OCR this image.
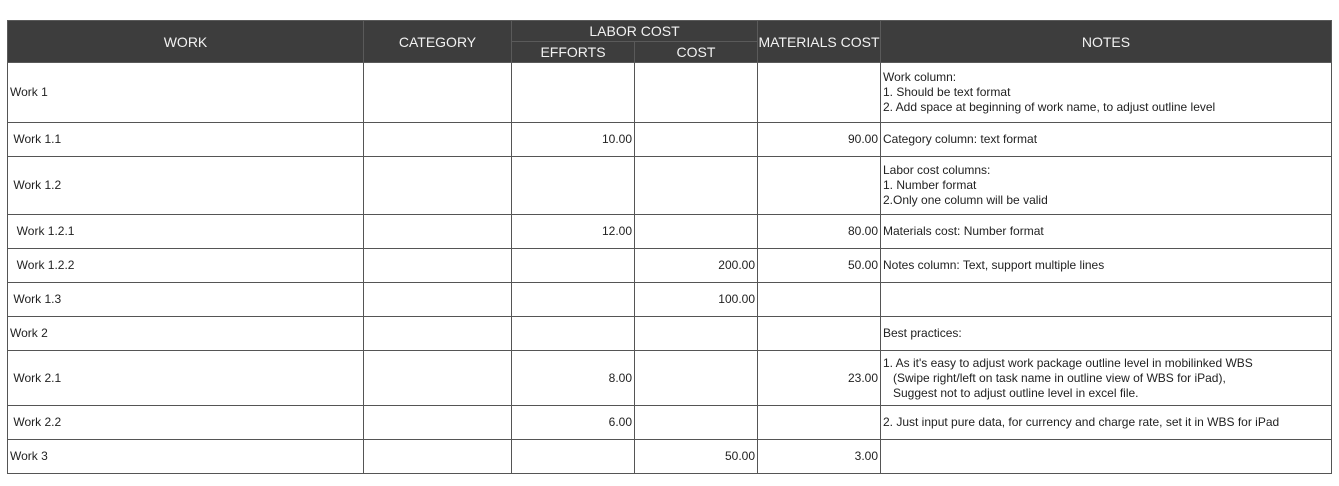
WORK	CATEGORY	LABOR COST		MATERIALS COST	NOTES
		EFFORTS	COST		
Work 1					Work column:
1. Should be text format
2. Add space at beginning of work name, to adjust outline level
Work 1.1		10.00		90.00	Category column: text format
Work 1.2					Labor cost columns:
1. Number format
2.Only one column will be valid
Work 1.2.1		12.00		80.00	Materials cost: Number format
Work 1.2.2			200.00	50.00	Notes column: Text, support multiple lines
Work 1.3			100.00		
Work 2					Best practices:
Work 2.1		8.00		23.00	1. As it's easy to adjust work package outline level in mobilinked WBS
(Swipe right/left on task name in outline view of WBS for iPad),
Suggest not to adjust outline level in excel file.
Work 2.2		6.00			2. Just input pure data, for currency and charge rate, set it in WBS for iPad
Work 3			50.00	3.00	
